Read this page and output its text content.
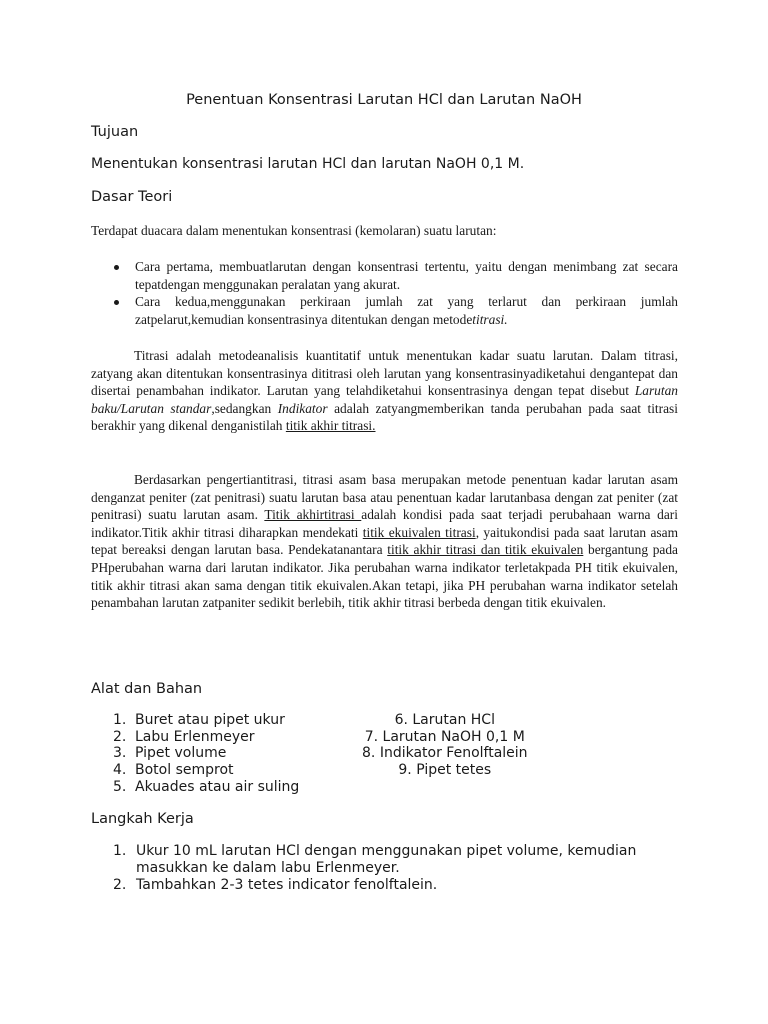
Penentuan Konsentrasi Larutan HCl dan Larutan NaOH
Tujuan
Menentukan konsentrasi larutan HCl dan larutan NaOH 0,1 M.
Dasar Teori
Terdapat duacara dalam menentukan konsentrasi (kemolaran) suatu larutan:
Cara pertama, membuatlarutan dengan konsentrasi tertentu, yaitu dengan menimbang zat secara tepatdengan menggunakan peralatan yang akurat.
Cara kedua,menggunakan perkiraan jumlah zat yang terlarut dan perkiraan jumlah zatpelarut,kemudian konsentrasinya ditentukan dengan metodetitrasi.

Titrasi adalah metodeanalisis kuantitatif untuk menentukan kadar suatu larutan. Dalam titrasi, zatyang akan ditentukan konsentrasinya dititrasi oleh larutan yang konsentrasinyadiketahui dengantepat dan disertai penambahan indikator. Larutan yang telahdiketahui konsentrasinya dengan tepat disebut Larutan baku/Larutan standar,sedangkan Indikator adalah zatyangmemberikan tanda perubahan pada saat titrasi berakhir yang dikenal denganistilah titik akhir titrasi.

Berdasarkan pengertiantitrasi, titrasi asam basa merupakan metode penentuan kadar larutan asam denganzat peniter (zat penitrasi) suatu larutan basa atau penentuan kadar larutanbasa dengan zat peniter (zat penitrasi) suatu larutan asam. Titik akhirtitrasi adalah kondisi pada saat terjadi perubahaan warna dari indikator.Titik akhir titrasi diharapkan mendekati titik ekuivalen titrasi, yaitukondisi pada saat larutan asam tepat bereaksi dengan larutan basa. Pendekatanantara titik akhir titrasi dan titik ekuivalen bergantung pada PHperubahan warna dari larutan indikator. Jika perubahan warna indikator terletakpada PH titik ekuivalen, titik akhir titrasi akan sama dengan titik ekuivalen.Akan tetapi, jika PH perubahan warna indikator setelah penambahan larutan zatpaniter sedikit berlebih, titik akhir titrasi berbeda dengan titik ekuivalen.

Alat dan Bahan
1. Buret atau pipet ukur
2. Labu Erlenmeyer
3. Pipet volume
4. Botol semprot
5. Akuades atau air suling
6. Larutan HCl
7. Larutan NaOH 0,1 M
8. Indikator Fenolftalein
9. Pipet tetes
Langkah Kerja
1. Ukur 10 mL larutan HCl dengan menggunakan pipet volume, kemudian masukkan ke dalam labu Erlenmeyer.
2. Tambahkan 2-3 tetes indicator fenolftalein.
